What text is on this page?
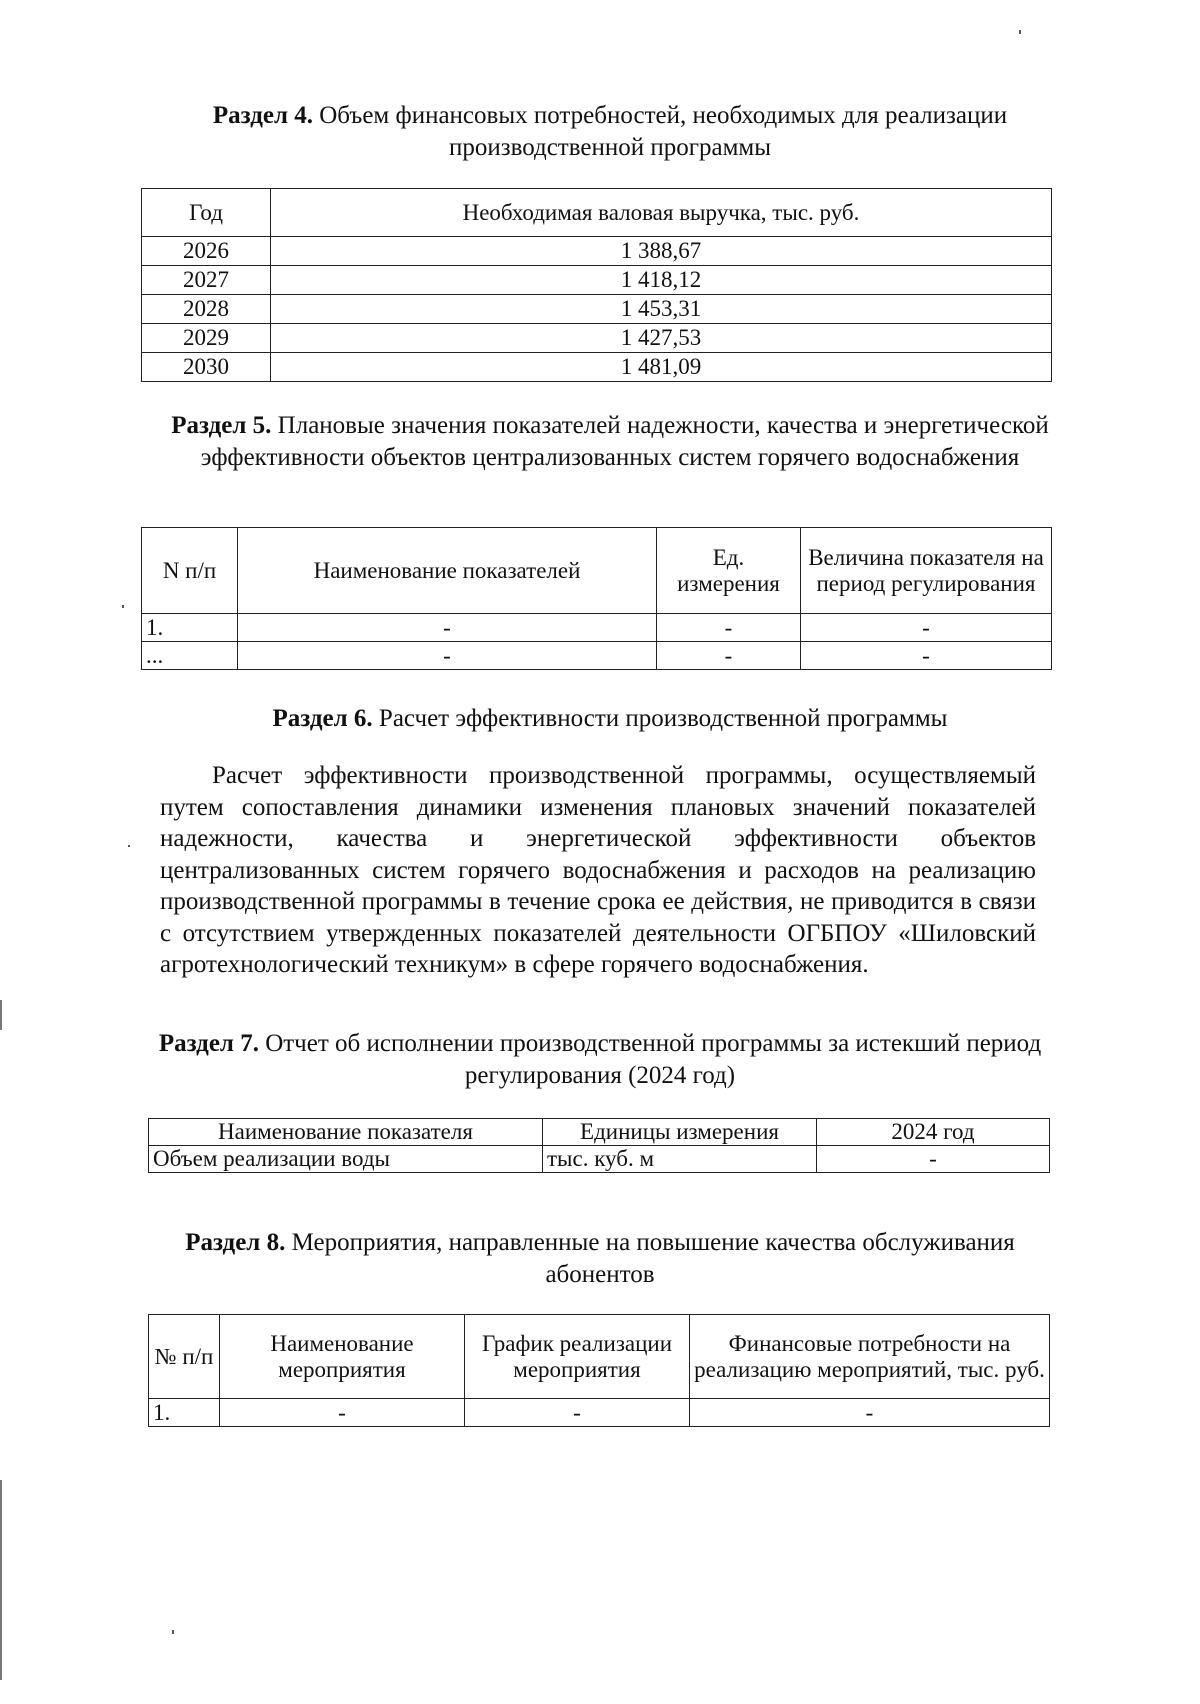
Раздел 4. Объем финансовых потребностей, необходимых для реализации производственной программы
Год	Необходимая валовая выручка, тыс. руб.
2026	1 388,67
2027	1 418,12
2028	1 453,31
2029	1 427,53
2030	1 481,09
Раздел 5. Плановые значения показателей надежности, качества и энергетической эффективности объектов централизованных систем горячего водоснабжения
N п/п	Наименование показателей	Ед. измерения	Величина показателя на период регулирования
1.	-	-	-
...	-	-	-
Раздел 6. Расчет эффективности производственной программы
Расчет эффективности производственной программы, осуществляемый путем сопоставления динамики изменения плановых значений показателей надежности, качества и энергетической эффективности объектов централизованных систем горячего водоснабжения и расходов на реализацию производственной программы в течение срока ее действия, не приводится в связи с отсутствием утвержденных показателей деятельности ОГБПОУ «Шиловский агротехнологический техникум» в сфере горячего водоснабжения.
Раздел 7. Отчет об исполнении производственной программы за истекший период регулирования (2024 год)
Наименование показателя	Единицы измерения	2024 год
Объем реализации воды	тыс. куб. м	-
Раздел 8. Мероприятия, направленные на повышение качества обслуживания абонентов
№ п/п	Наименование мероприятия	График реализации мероприятия	Финансовые потребности на реализацию мероприятий, тыс. руб.
1.	-	-	-
